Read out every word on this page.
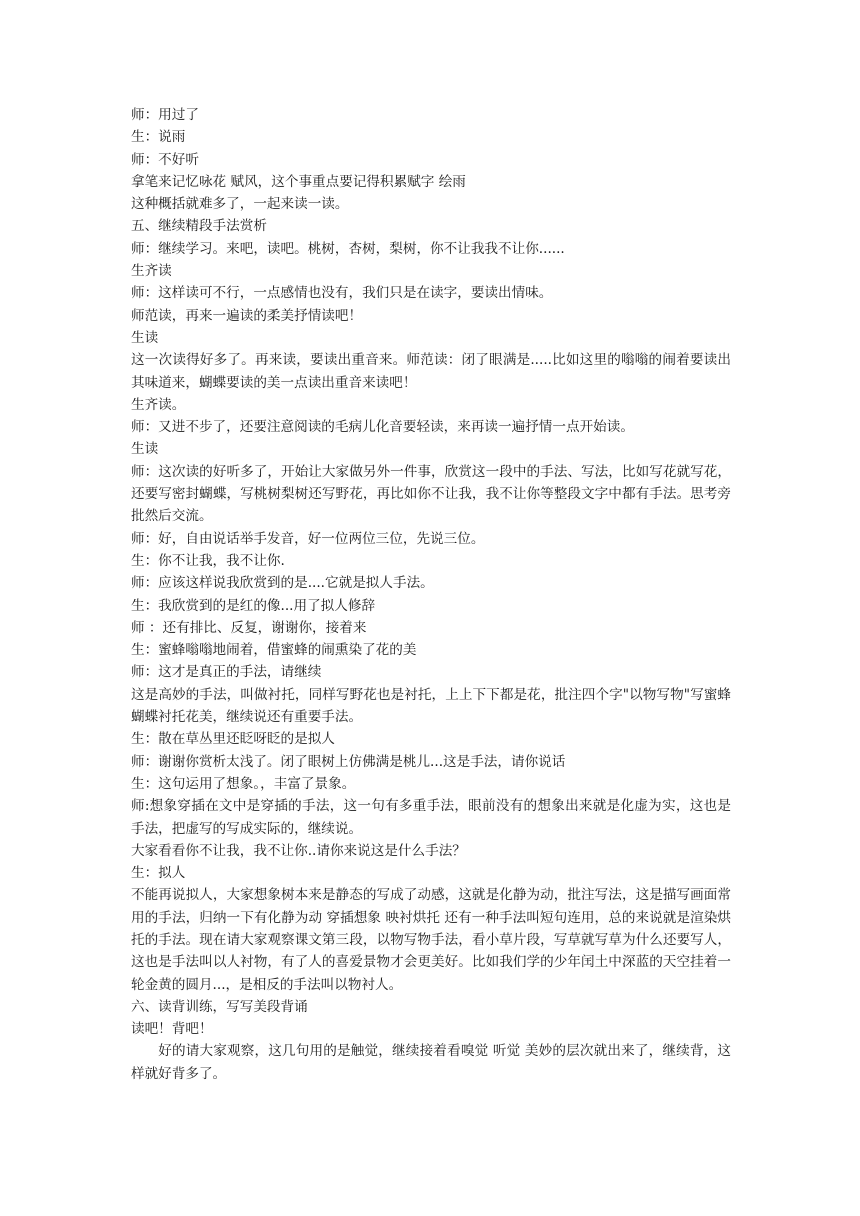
师：用过了

生：说雨

师：不好听

拿笔来记忆咏花 赋风，这个事重点要记得积累赋字 绘雨

这种概括就难多了，一起来读一读。

五、继续精段手法赏析

师：继续学习。来吧，读吧。桃树，杏树，梨树，你不让我我不让你......

生齐读

师：这样读可不行，一点感情也没有，我们只是在读字，要读出情味。

师范读，再来一遍读的柔美抒情读吧！

生读

这一次读得好多了。再来读，要读出重音来。师范读：闭了眼满是.....比如这里的嗡嗡的闹着要读出其味道来，蝴蝶要读的美一点读出重音来读吧！

生齐读。

师：又进不步了，还要注意阅读的毛病儿化音要轻读，来再读一遍抒情一点开始读。

生读

师：这次读的好听多了，开始让大家做另外一件事，欣赏这一段中的手法、写法，比如写花就写花，还要写密封蝴蝶，写桃树梨树还写野花，再比如你不让我，我不让你等整段文字中都有手法。思考旁批然后交流。

师：好，自由说话举手发音，好一位两位三位，先说三位。

生：你不让我，我不让你.

师：应该这样说我欣赏到的是....它就是拟人手法。

生：我欣赏到的是红的像...用了拟人修辞

师 ：还有排比、反复，谢谢你，接着来

生：蜜蜂嗡嗡地闹着，借蜜蜂的闹熏染了花的美

师：这才是真正的手法，请继续

这是高妙的手法，叫做衬托，同样写野花也是衬托，上上下下都是花，批注四个字"以物写物"写蜜蜂蝴蝶衬托花美，继续说还有重要手法。

生：散在草丛里还眨呀眨的是拟人

师：谢谢你赏析太浅了。闭了眼树上仿佛满是桃儿...这是手法，请你说话

生：这句运用了想象。，丰富了景象。

师:想象穿插在文中是穿插的手法，这一句有多重手法，眼前没有的想象出来就是化虚为实，这也是手法，把虚写的写成实际的，继续说。

大家看看你不让我，我不让你..请你来说这是什么手法？

生：拟人

不能再说拟人，大家想象树本来是静态的写成了动感，这就是化静为动，批注写法，这是描写画面常用的手法，归纳一下有化静为动 穿插想象 映衬烘托 还有一种手法叫短句连用，总的来说就是渲染烘托的手法。现在请大家观察课文第三段，以物写物手法，看小草片段，写草就写草为什么还要写人，这也是手法叫以人衬物，有了人的喜爱景物才会更美好。比如我们学的少年闰土中深蓝的天空挂着一轮金黄的圆月...，是相反的手法叫以物衬人。

六、读背训练，写写美段背诵

读吧！背吧！

好的请大家观察，这几句用的是触觉，继续接着看嗅觉 听觉 美妙的层次就出来了，继续背，这样就好背多了。
